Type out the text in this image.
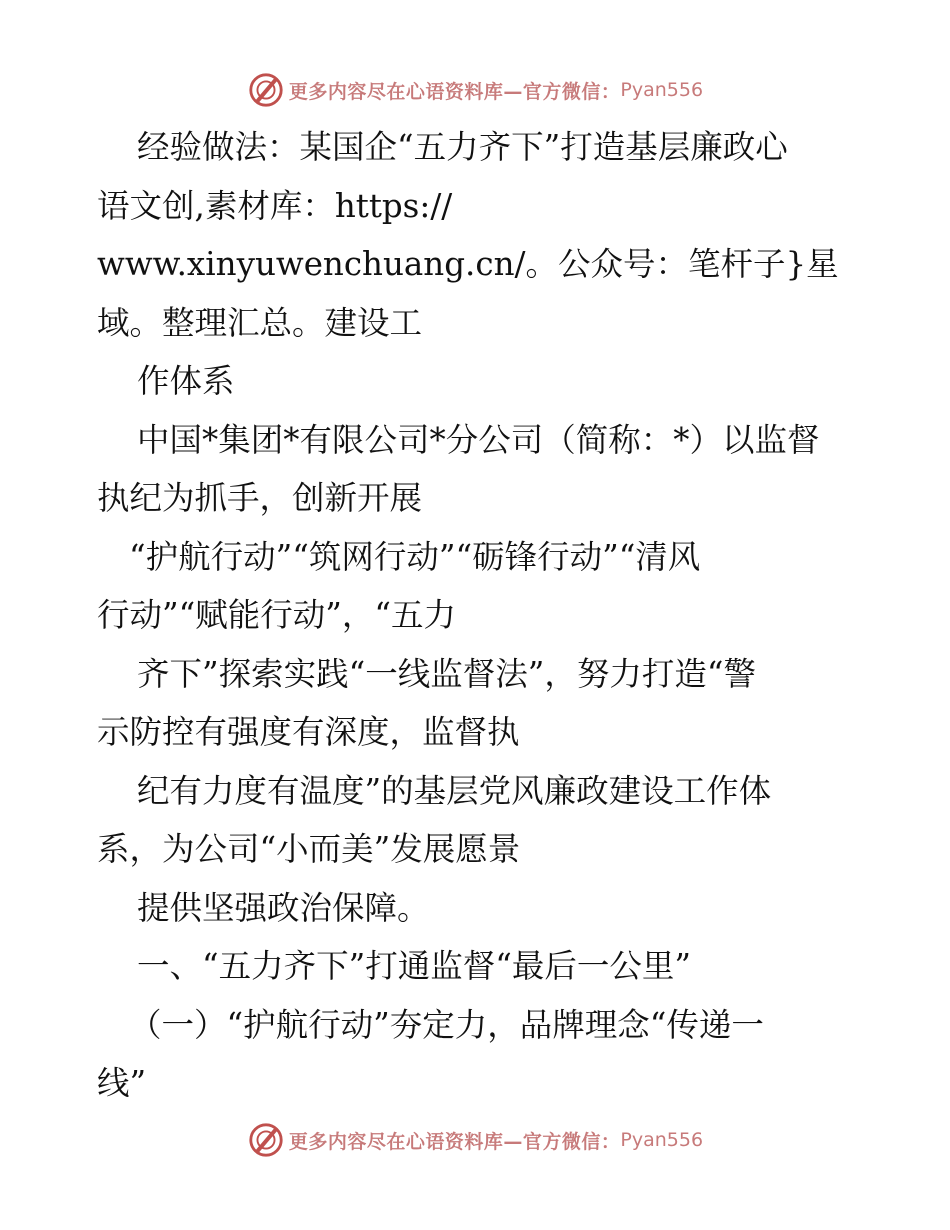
更多内容尽在心语资料库—官方微信： Pyan556
经验做法：某国企“五力齐下”打造基层廉政心
语文创,素材库：https://
www.xinyuwenchuang.cn/。公众号：笔杆子}星
域。整理汇总。建设工
作体系
中国*集团*有限公司*分公司（简称：*）以监督
执纪为抓手，创新开展
“护航行动”“筑网行动”“砺锋行动”“清风
行动”“赋能行动”，“五力
齐下”探索实践“一线监督法”，努力打造“警
示防控有强度有深度，监督执
纪有力度有温度”的基层党风廉政建设工作体
系，为公司“小而美”发展愿景
提供坚强政治保障。
一、“五力齐下”打通监督“最后一公里”
（一）“护航行动”夯定力，品牌理念“传递一
线”
更多内容尽在心语资料库—官方微信： Pyan556
